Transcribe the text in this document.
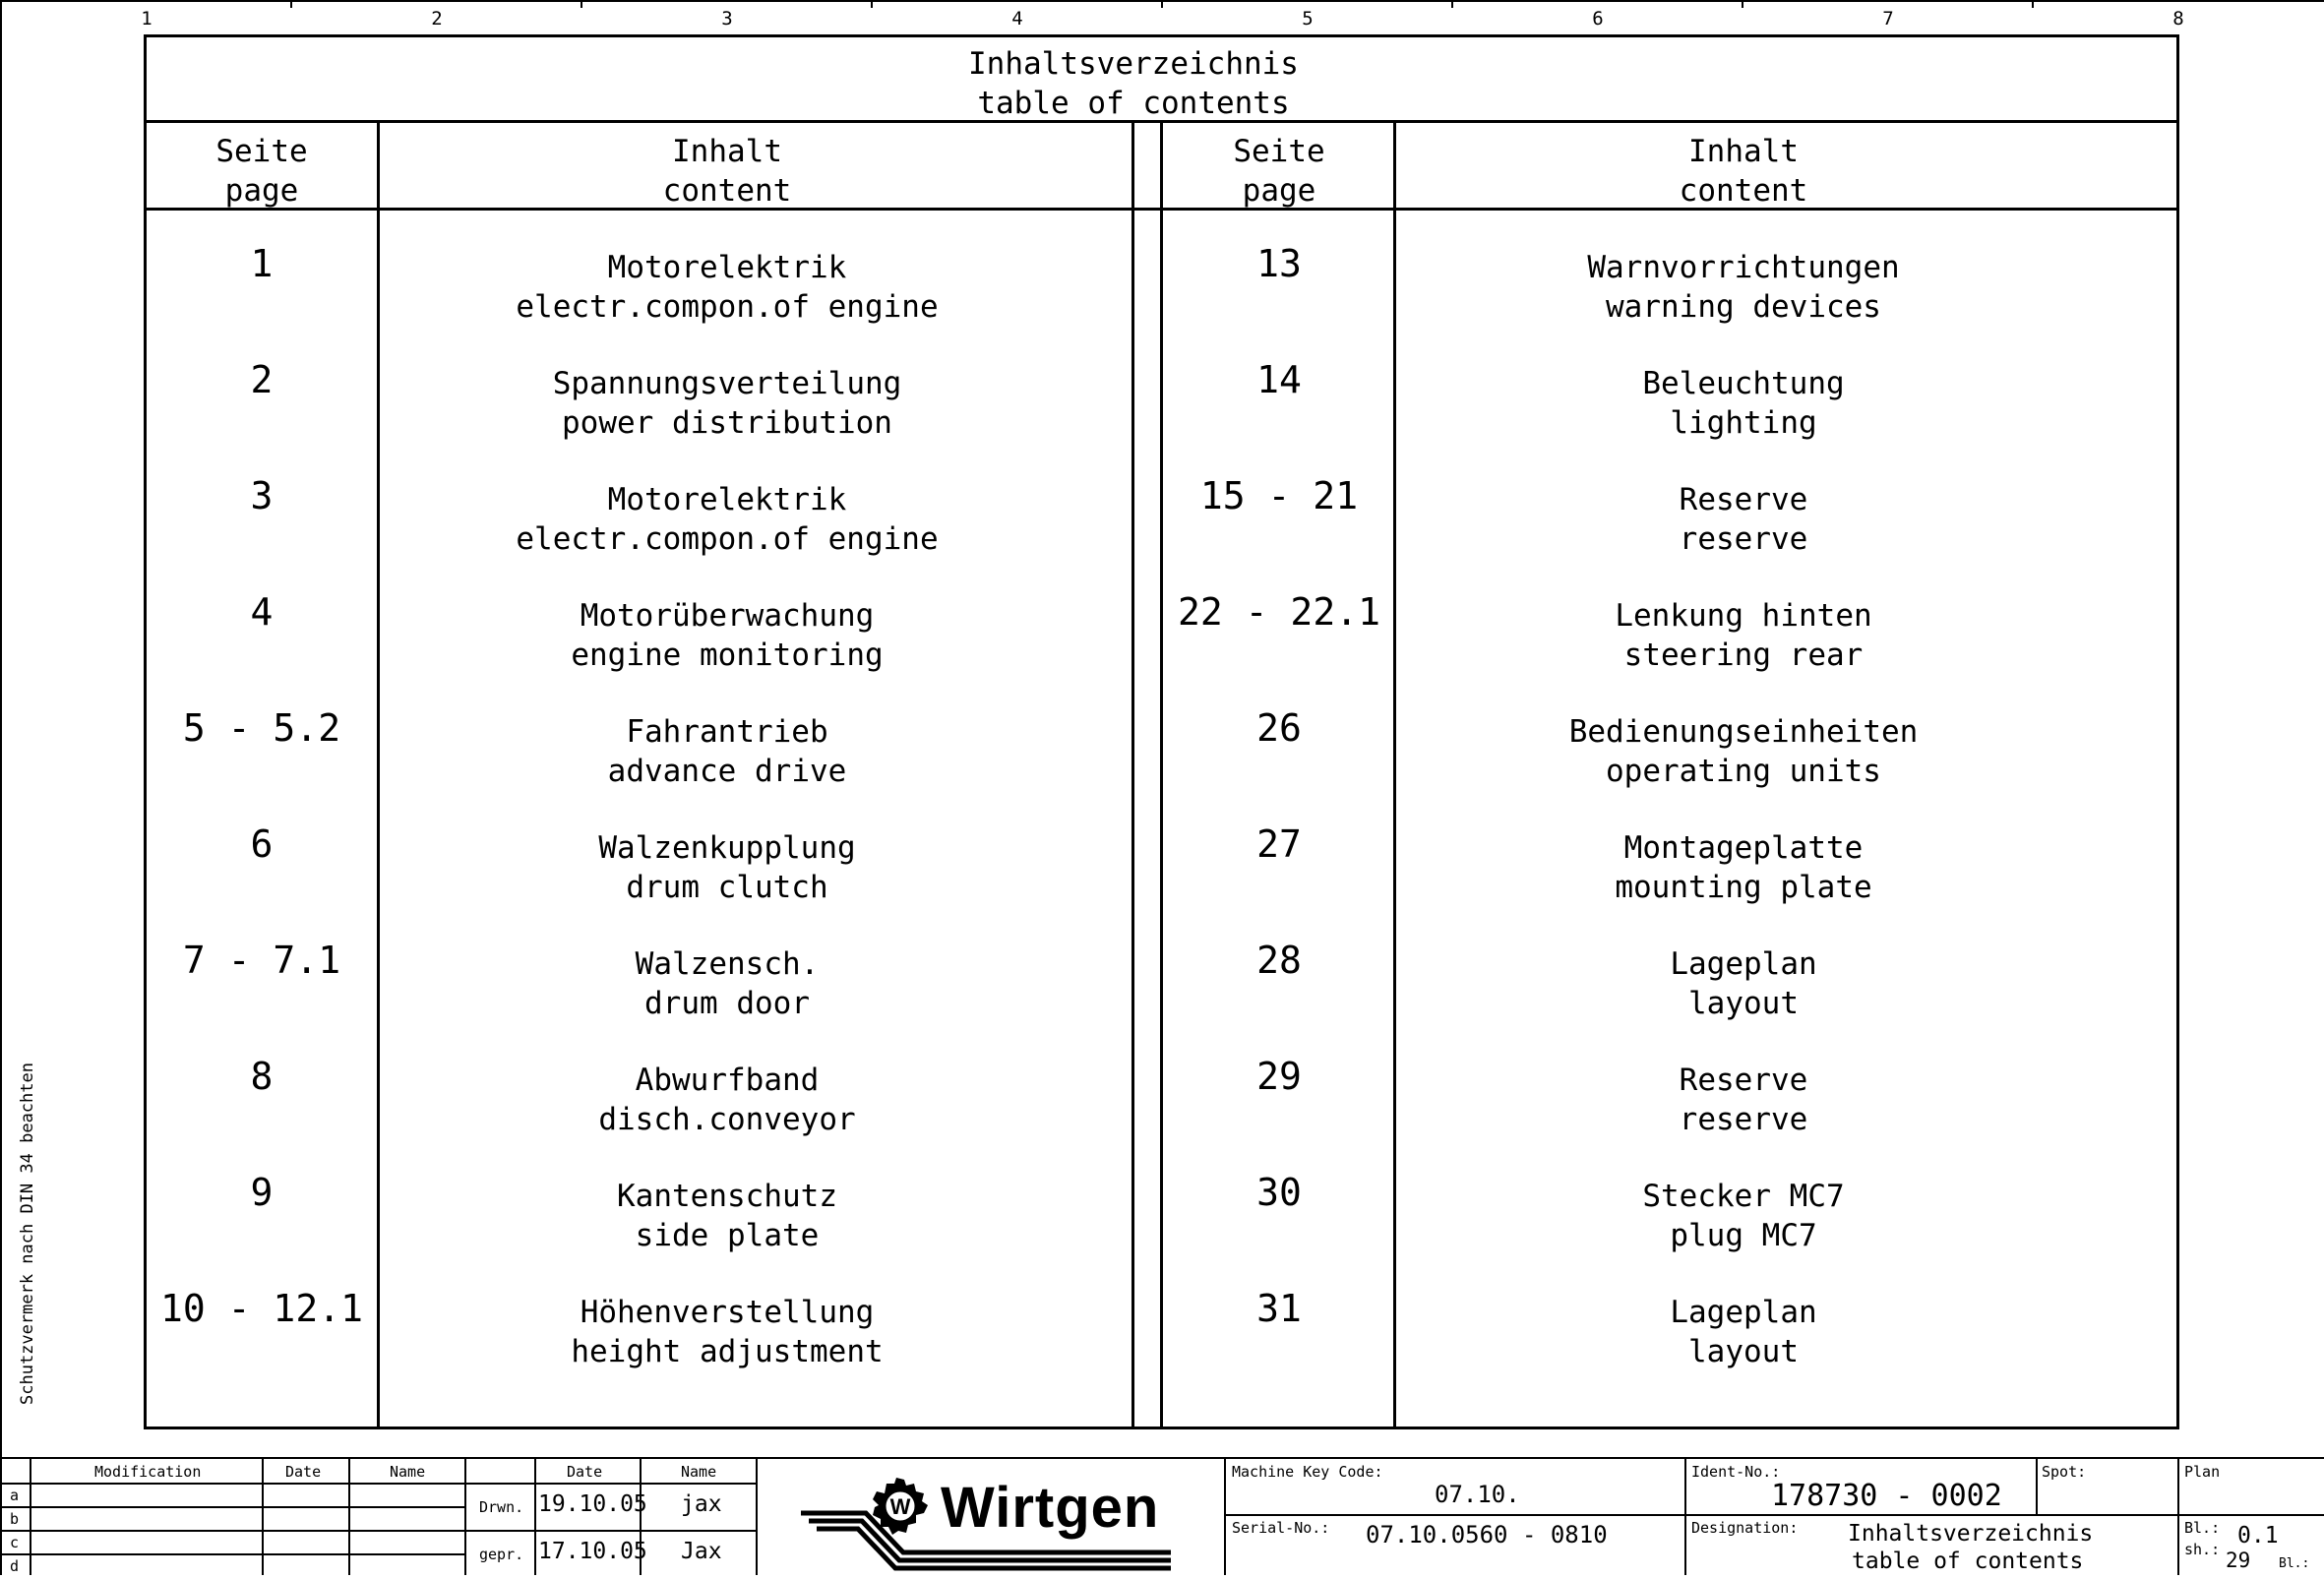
1	2	3	4	5	6	7	8
Schutzvermerk nach DIN 34 beachten
Inhaltsverzeichnis
table of contents
Seite
page
Inhalt
content
Seite
page
Inhalt
content
1	Motorelektrik
electr.compon.of engine
2	Spannungsverteilung
power distribution
3	Motorelektrik
electr.compon.of engine
4	Motorüberwachung
engine monitoring
5 - 5.2	Fahrantrieb
advance drive
6	Walzenkupplung
drum clutch
7 - 7.1	Walzensch.
drum door
8	Abwurfband
disch.conveyor
9	Kantenschutz
side plate
10 - 12.1	Höhenverstellung
height adjustment
13	Warnvorrichtungen
warning devices
14	Beleuchtung
lighting
15 - 21	Reserve
reserve
22 - 22.1	Lenkung hinten
steering rear
26	Bedienungseinheiten
operating units
27	Montageplatte
mounting plate
28	Lageplan
layout
29	Reserve
reserve
30	Stecker MC7
plug MC7
31	Lageplan
layout
Modification	Date	Name
a
b
c
d
Date	Name
Drwn. 19.10.05 jax
gepr. 17.10.05 Jax
W Wirtgen
Machine Key Code:
07.10.
Serial-No.: 07.10.0560 - 0810
Ident-No.:
178730 - 0002
Spot:	Plan
Designation: Inhaltsverzeichnis
table of contents
Bl.: 0.1
sh.: 29 Bl.:
